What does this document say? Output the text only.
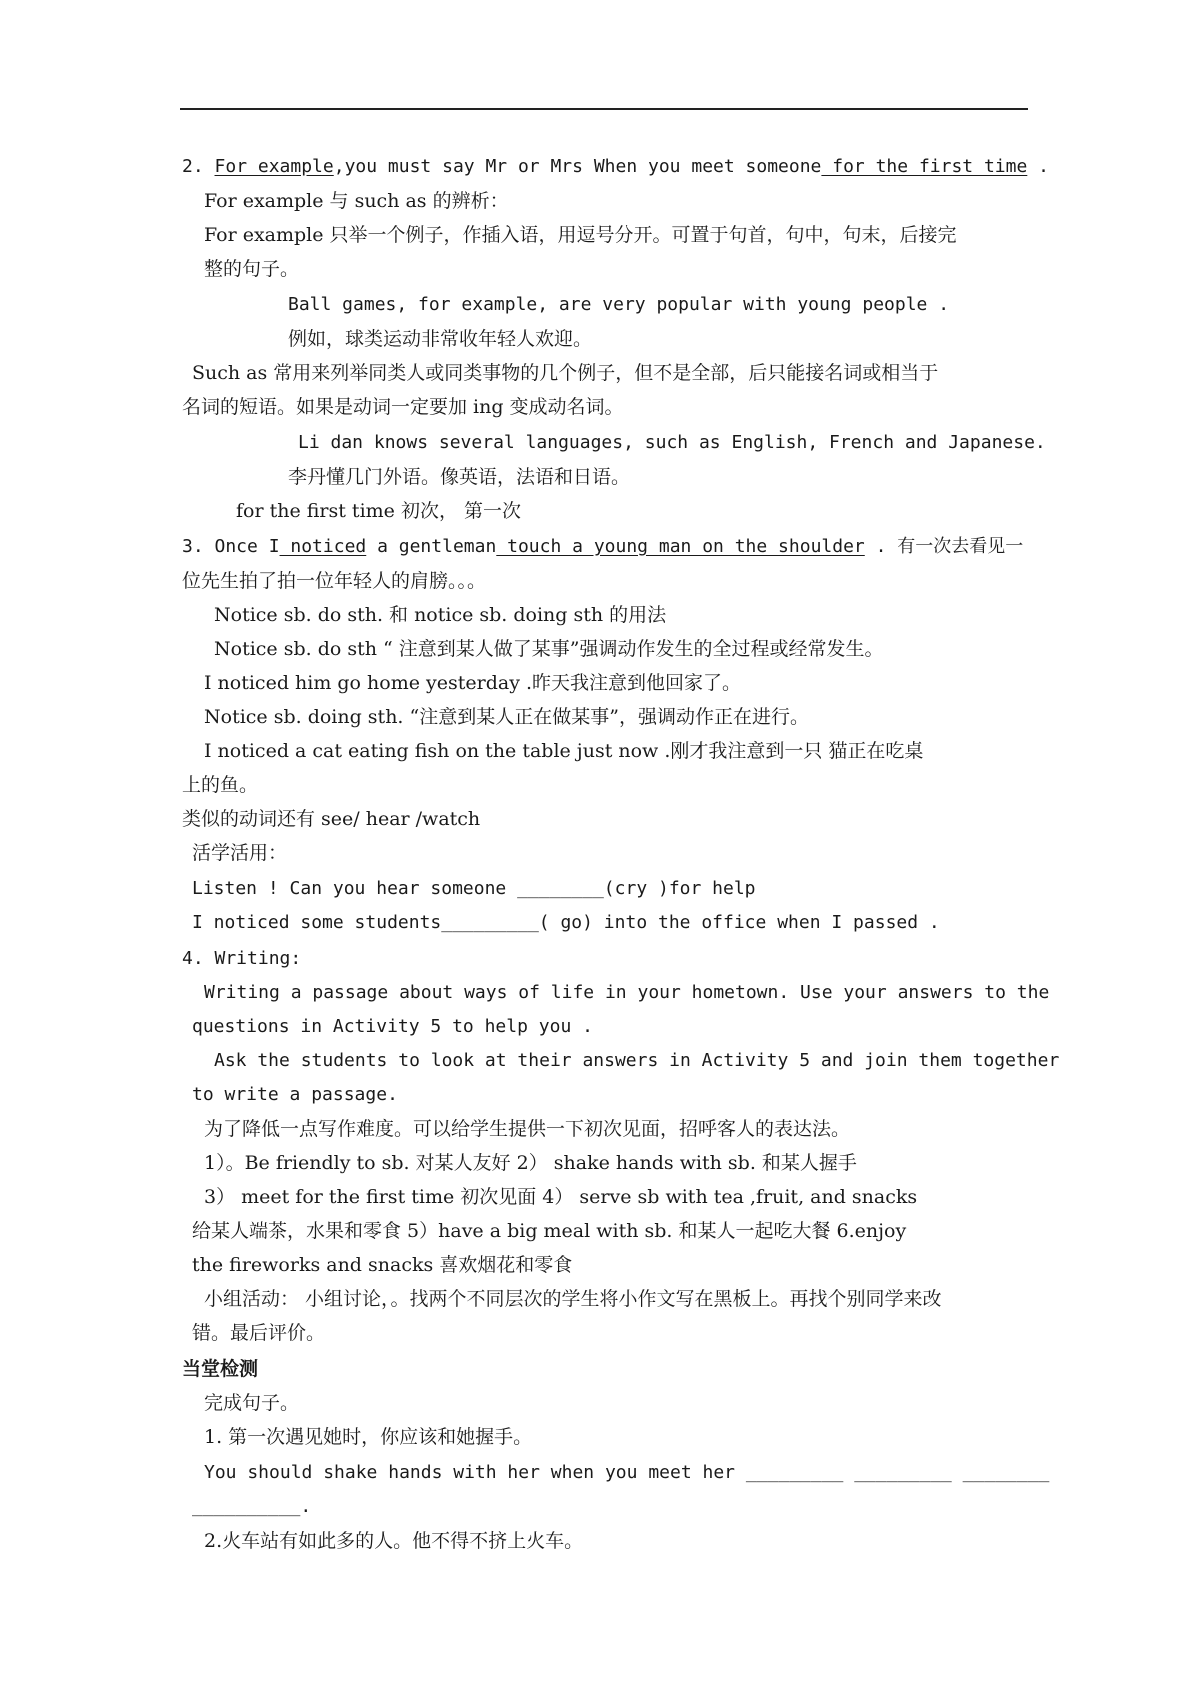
2. For example,you must say Mr or Mrs When you meet someone for the first time .
For example 与 such as 的辨析：
For example 只举一个例子，作插入语，用逗号分开。可置于句首，句中，句末，后接完
整的句子。
Ball games, for example, are very popular with young people .
例如，球类运动非常收年轻人欢迎。
Such as 常用来列举同类人或同类事物的几个例子，但不是全部，后只能接名词或相当于
名词的短语。如果是动词一定要加 ing 变成动名词。
Li dan knows several languages, such as English, French and Japanese.
李丹懂几门外语。像英语，法语和日语。
for the first time 初次， 第一次
3. Once I noticed a gentleman touch a young man on the shoulder . 有一次去看见一
位先生拍了拍一位年轻人的肩膀。。。
Notice sb. do sth. 和 notice sb. doing sth 的用法
Notice sb. do sth “ 注意到某人做了某事”强调动作发生的全过程或经常发生。
I noticed him go home yesterday .昨天我注意到他回家了。
Notice sb. doing sth. “注意到某人正在做某事”，强调动作正在进行。
I noticed a cat eating fish on the table just now .刚才我注意到一只 猫正在吃桌
上的鱼。
类似的动词还有 see/ hear /watch
活学活用：
Listen ! Can you hear someone ________(cry )for help
I noticed some students_________( go) into the office when I passed .
4. Writing:
Writing a passage about ways of life in your hometown. Use your answers to the
questions in Activity 5 to help you .
Ask the students to look at their answers in Activity 5 and join them together
to write a passage.
为了降低一点写作难度。可以给学生提供一下初次见面，招呼客人的表达法。
1）。Be friendly to sb. 对某人友好 2） shake hands with sb. 和某人握手
3） meet for the first time 初次见面 4） serve sb with tea ,fruit, and snacks
给某人端茶，水果和零食 5）have a big meal with sb. 和某人一起吃大餐 6.enjoy
the fireworks and snacks 喜欢烟花和零食
小组活动： 小组讨论，。找两个不同层次的学生将小作文写在黑板上。再找个别同学来改
错。最后评价。
当堂检测
完成句子。
1. 第一次遇见她时，你应该和她握手。
You should shake hands with her when you meet her _________ _________ ________
__________.
2.火车站有如此多的人。他不得不挤上火车。
